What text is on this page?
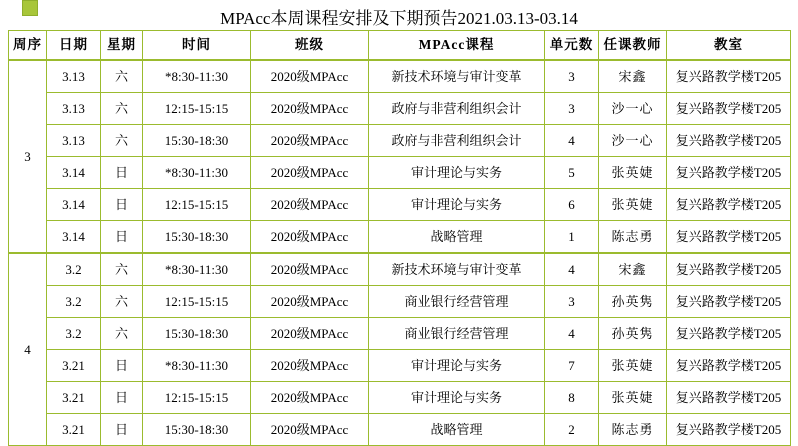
MPAcc本周课程安排及下期预告2021.03.13-03.14
周序	日期	星期	时间	班级	MPAcc课程	单元数	任课教师	教室
3	3.13	六	*8:30-11:30	2020级MPAcc	新技术环境与审计变革	3	宋鑫	复兴路教学楼T205
	3.13	六	12:15-15:15	2020级MPAcc	政府与非营利组织会计	3	沙一心	复兴路教学楼T205
	3.13	六	15:30-18:30	2020级MPAcc	政府与非营利组织会计	4	沙一心	复兴路教学楼T205
	3.14	日	*8:30-11:30	2020级MPAcc	审计理论与实务	5	张英婕	复兴路教学楼T205
	3.14	日	12:15-15:15	2020级MPAcc	审计理论与实务	6	张英婕	复兴路教学楼T205
	3.14	日	15:30-18:30	2020级MPAcc	战略管理	1	陈志勇	复兴路教学楼T205
4	3.2	六	*8:30-11:30	2020级MPAcc	新技术环境与审计变革	4	宋鑫	复兴路教学楼T205
	3.2	六	12:15-15:15	2020级MPAcc	商业银行经营管理	3	孙英隽	复兴路教学楼T205
	3.2	六	15:30-18:30	2020级MPAcc	商业银行经营管理	4	孙英隽	复兴路教学楼T205
	3.21	日	*8:30-11:30	2020级MPAcc	审计理论与实务	7	张英婕	复兴路教学楼T205
	3.21	日	12:15-15:15	2020级MPAcc	审计理论与实务	8	张英婕	复兴路教学楼T205
	3.21	日	15:30-18:30	2020级MPAcc	战略管理	2	陈志勇	复兴路教学楼T205
